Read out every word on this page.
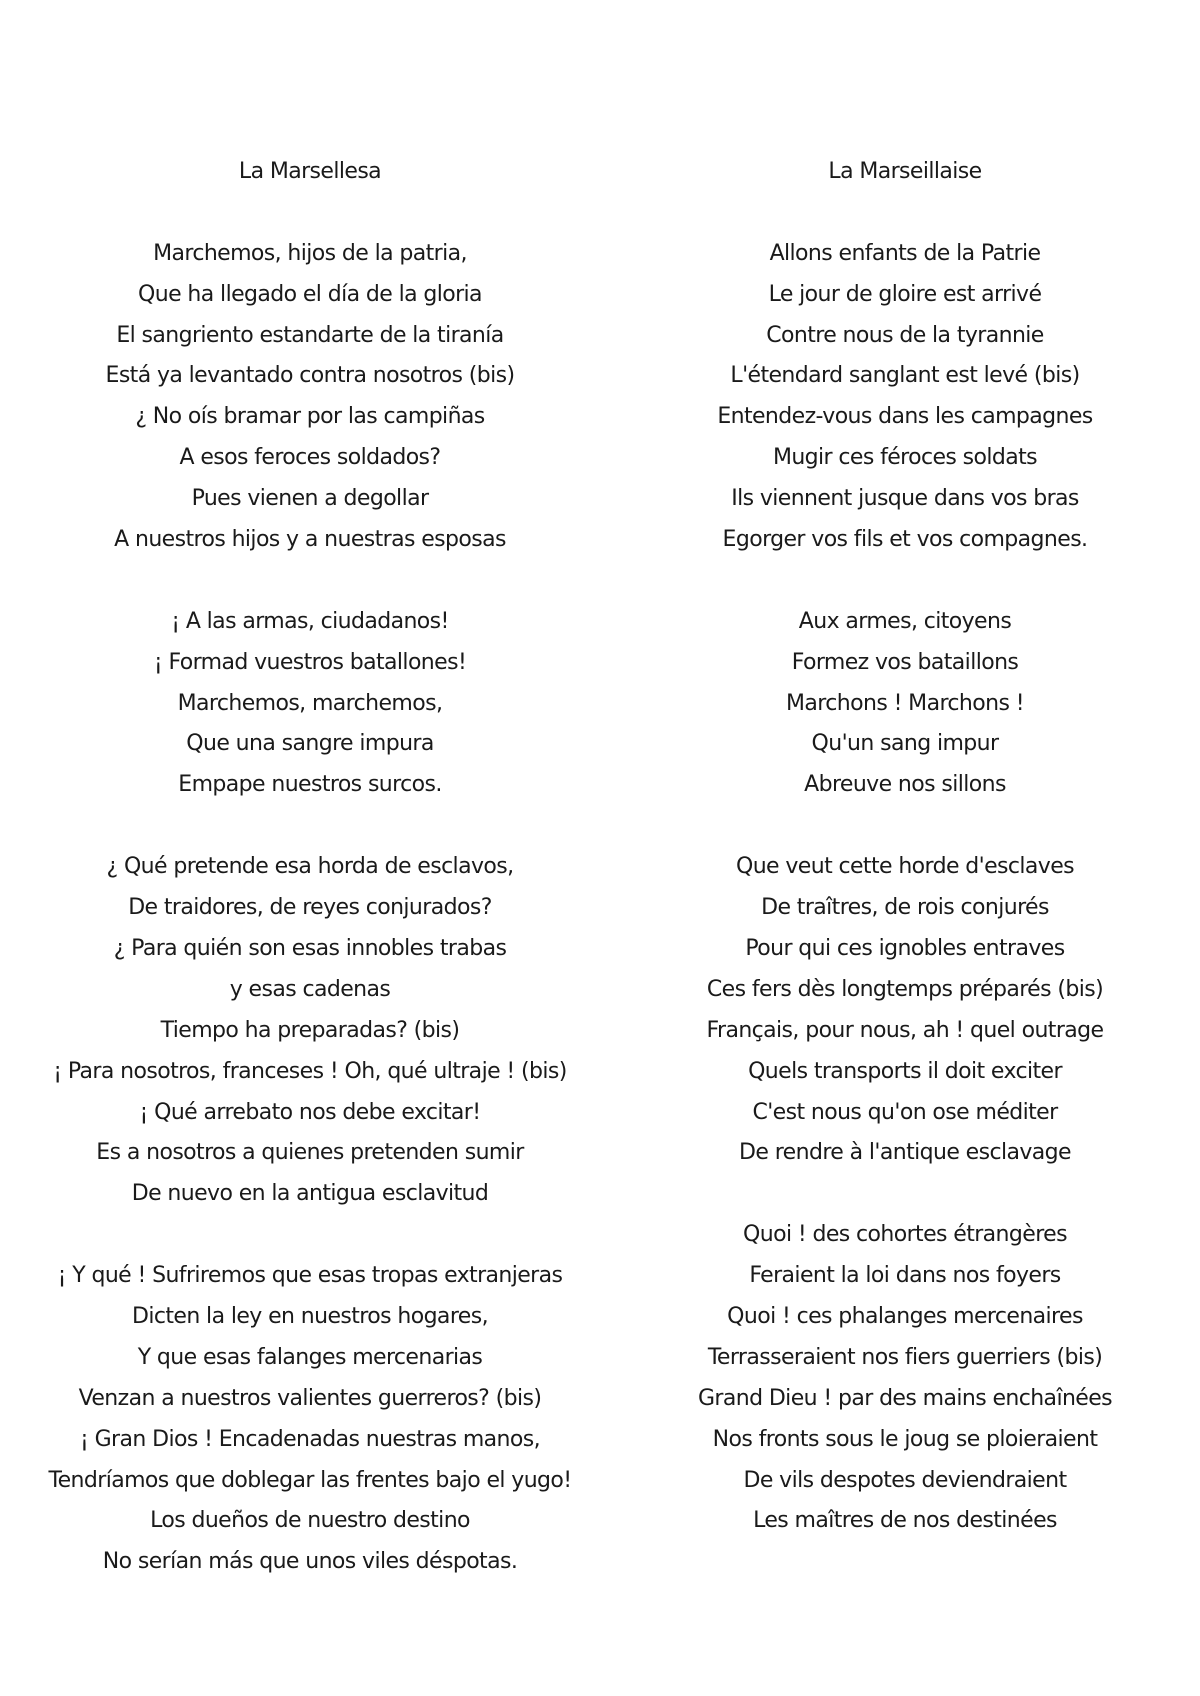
La Marsellesa
Marchemos, hijos de la patria,
Que ha llegado el día de la gloria
El sangriento estandarte de la tiranía
Está ya levantado contra nosotros (bis)
¿ No oís bramar por las campiñas
A esos feroces soldados?
Pues vienen a degollar
A nuestros hijos y a nuestras esposas
¡ A las armas, ciudadanos!
¡ Formad vuestros batallones!
Marchemos, marchemos,
Que una sangre impura
Empape nuestros surcos.
¿ Qué pretende esa horda de esclavos,
De traidores, de reyes conjurados?
¿ Para quién son esas innobles trabas
y esas cadenas
Tiempo ha preparadas? (bis)
¡ Para nosotros, franceses ! Oh, qué ultraje ! (bis)
¡ Qué arrebato nos debe excitar!
Es a nosotros a quienes pretenden sumir
De nuevo en la antigua esclavitud
¡ Y qué ! Sufriremos que esas tropas extranjeras
Dicten la ley en nuestros hogares,
Y que esas falanges mercenarias
Venzan a nuestros valientes guerreros? (bis)
¡ Gran Dios ! Encadenadas nuestras manos,
Tendríamos que doblegar las frentes bajo el yugo!
Los dueños de nuestro destino
No serían más que unos viles déspotas.
La Marseillaise
Allons enfants de la Patrie
Le jour de gloire est arrivé
Contre nous de la tyrannie
L'étendard sanglant est levé (bis)
Entendez-vous dans les campagnes
Mugir ces féroces soldats
Ils viennent jusque dans vos bras
Egorger vos fils et vos compagnes.
Aux armes, citoyens
Formez vos bataillons
Marchons ! Marchons !
Qu'un sang impur
Abreuve nos sillons
Que veut cette horde d'esclaves
De traîtres, de rois conjurés
Pour qui ces ignobles entraves
Ces fers dès longtemps préparés (bis)
Français, pour nous, ah ! quel outrage
Quels transports il doit exciter
C'est nous qu'on ose méditer
De rendre à l'antique esclavage
Quoi ! des cohortes étrangères
Feraient la loi dans nos foyers
Quoi ! ces phalanges mercenaires
Terrasseraient nos fiers guerriers (bis)
Grand Dieu ! par des mains enchaînées
Nos fronts sous le joug se ploieraient
De vils despotes deviendraient
Les maîtres de nos destinées
